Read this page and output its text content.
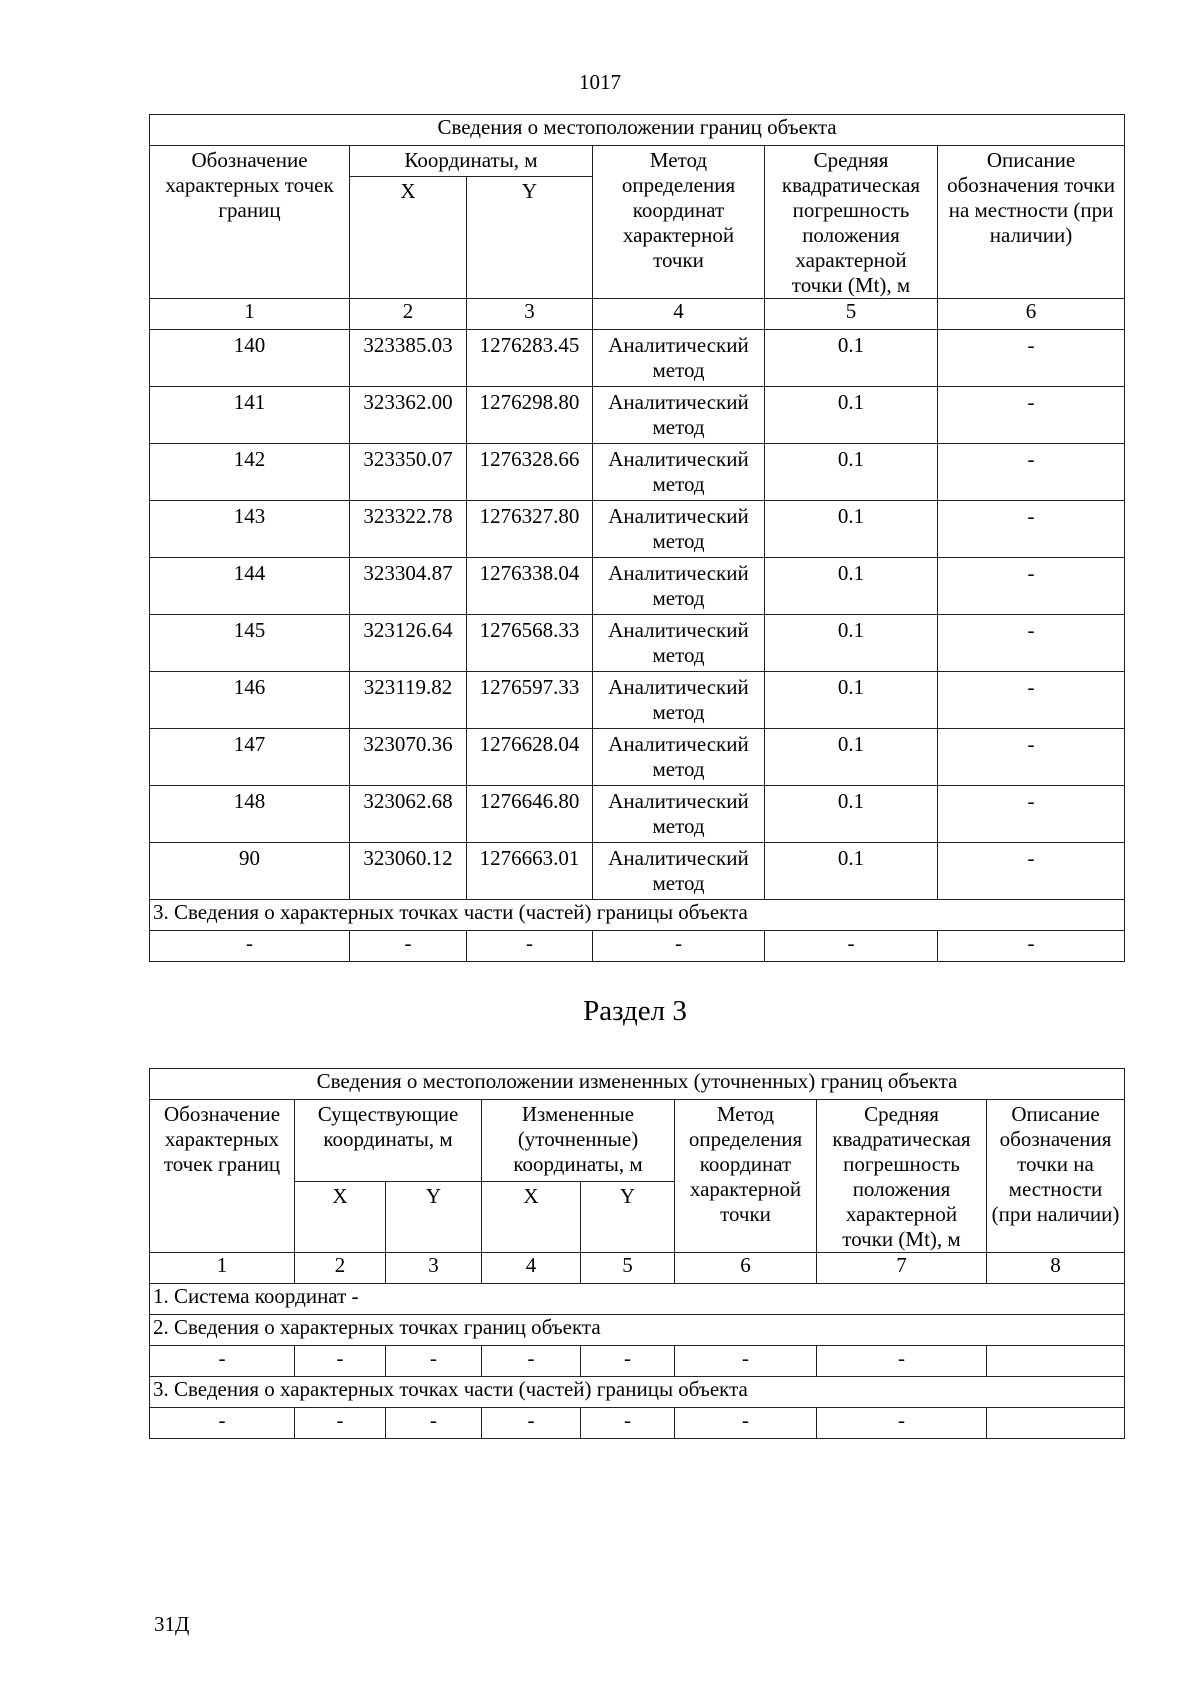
1017
Сведения о местоположении границ объекта					
Обозначение характерных точек границ	Координаты, м		Метод определения координат характерной точки	Средняя квадратическая погрешность положения характерной точки (Mt), м	Описание обозначения точки на местности (при наличии)
	X	Y			
1	2	3	4	5	6
140	323385.03	1276283.45	Аналитический метод	0.1	-
141	323362.00	1276298.80	Аналитический метод	0.1	-
142	323350.07	1276328.66	Аналитический метод	0.1	-
143	323322.78	1276327.80	Аналитический метод	0.1	-
144	323304.87	1276338.04	Аналитический метод	0.1	-
145	323126.64	1276568.33	Аналитический метод	0.1	-
146	323119.82	1276597.33	Аналитический метод	0.1	-
147	323070.36	1276628.04	Аналитический метод	0.1	-
148	323062.68	1276646.80	Аналитический метод	0.1	-
90	323060.12	1276663.01	Аналитический метод	0.1	-
3. Сведения о характерных точках части (частей) границы объекта					
-	-	-	-	-	-
Раздел 3
Сведения о местоположении измененных (уточненных) границ объекта							
Обозначение характерных точек границ	Существующие координаты, м		Измененные (уточненные) координаты, м		Метод определения координат характерной точки	Средняя квадратическая погрешность положения характерной точки (Mt), м	Описание обозначения точки на местности (при наличии)
	X	Y	X	Y			
1	2	3	4	5	6	7	8
1. Система координат -							
2. Сведения о характерных точках границ объекта							
-	-	-	-	-	-	-	
3. Сведения о характерных точках части (частей) границы объекта							
-	-	-	-	-	-	-	
31Д
